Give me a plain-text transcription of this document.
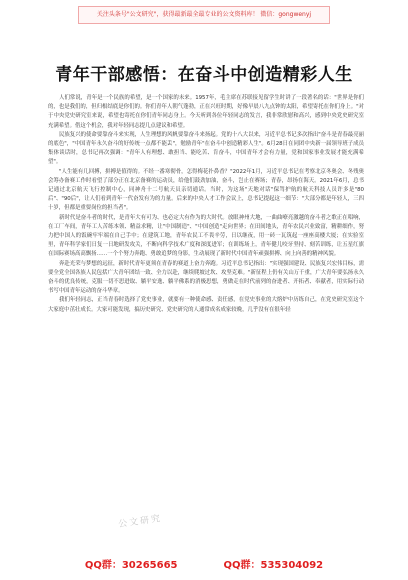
关注头条号"公文研究"，获得最新最全最专业的公文资料库！ 微信：gongwenyj
青年干部感悟：在奋斗中创造精彩人生

人们常说，青年是一个民族的希望，是一个国家的未来。1957年，毛主席在苏联接见留学生时讲了一段著名的话："世界是你们的，也是我们的，但归根结底是你们的。你们青年人朝气蓬勃，正在兴旺时期，好像早晨八九点钟的太阳，希望寄托在你们身上。"对于中央党史研究室来说，希望也寄托在你们青年同志身上。今天听到各位年轻同志的发言，我非常欣慰和高兴，感到中央党史研究室充满希望。借这个机会，我对年轻同志提几点建议和希望。

民族复兴的使命要靠奋斗来实现，人生理想的风帆要靠奋斗来扬起。党的十八大以来，习近平总书记多次指出"奋斗是青春最亮丽的底色"，"中国青年永久奋斗的好传统一点都不能丢"，勉励青年"在奋斗中创造精彩人生"。6月28日在同团中央新一届领导班子成员集体谈话时，总书记再次强调："青年人有理想、敢担当、能吃苦、肯奋斗，中国青年才会有力量，党和国家事业发展才能充满希望"。

"人生能有几回搏，拼搏是值得的。不经一番寒彻骨，怎得梅花扑鼻香？"2022年1月，习近平总书记在考察北京冬奥会、冬残奥会筹办备赛工作时看望了部分正在北京备赛的运动员，给他们鼓劲加油，奋斗，岂止在赛场；青春，昂扬在海天。2021年6月，总书记通过北京航天飞行控制中心，同神舟十二号航天员亲切通话。当时，为这场"天地对话"保驾护航的航天科技人员许多是"80后"、"90后"，让人们看到青年一代奋发有为的力量。后来的中央人才工作会议上，总书记提起这一细节："大部分都是年轻人，三四十岁，但都是重要岗位的担当者"。

新时代是奋斗者的时代，是青年大有可为、也必定大有作为的大时代。放眼神州大地，一曲曲嘹亮激越的奋斗者之歌正在唱响，在工厂车间，青年工人苦练本领、精益求精，让"中国制造"、"中国创造"走向世界；在田间地头，青年农民兴业致富，精耕细作，努力把中国人的饭碗牢牢端在自己手中；在建筑工地，青年农民工不畏辛劳，日以继夜，用一砖一瓦筑起一座座高楼大厦；在实验室里，青年科学家们日复一日地研发攻关，不断向科学技术广度和深度进军；在训练场上，青年健儿咬牙坚持、刻苦训练，让五星红旗在国际赛场高高飘扬……一个个努力奔跑、勇敢追梦的身影，生动展现了新时代中国青年顽强拼搏、向上向善的精神风貌。

奔赴光荣与梦想的远征，新时代青年更须在青春的赛道上奋力奔跑。习近平总书记指出："实现强国建设、民族复兴宏伟目标，需要全党全国各族人民包括广大青年团结一致、全力以赴，继续爬坡过坎、攻坚克难。"新征程上仍有关山万千重，广大青年要弘扬永久奋斗的优良传统，克服一切不思进取、躺平安逸、躺平佛系的消极思想，勇做走在时代前列的奋进者、开拓者、奉献者，用实际行动书写中国青年运动的奋斗华章。

我们年轻同志，正当青春时选择了党史事业，就要有一种使命感、责任感，在党史事业的大熔炉中历练自己，在党史研究室这个大家庭中茁壮成长。大家可能发现，搞历史研究、党史研究的人通常成名成家较晚，几乎没有在很年轻

公文研究
QQ群：30265665	QQ群：535304092
